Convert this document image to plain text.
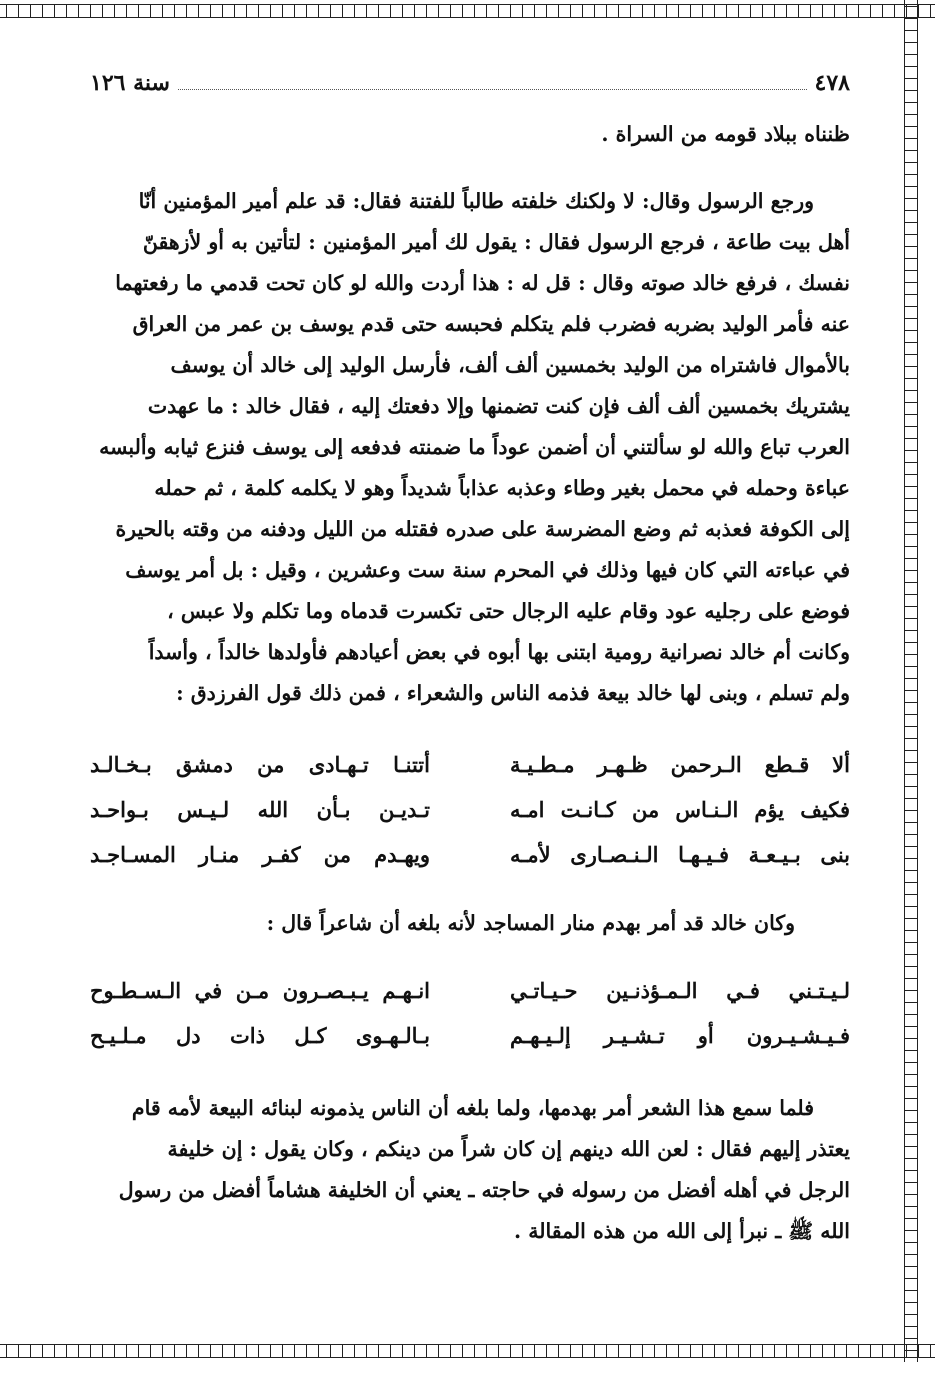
٤٧٨
سنة ١٢٦

ظنناه ببلاد قومه من السراة .

ورجع الرسول وقال: لا ولكنك خلفته طالباً للفتنة فقال: قد علم أمير المؤمنين أنّا

أهل بيت طاعة ، فرجع الرسول فقال : يقول لك أمير المؤمنين : لتأتين به أو لأزهقنّ

نفسك ، فرفع خالد صوته وقال : قل له : هذا أردت والله لو كان تحت قدمي ما رفعتهما

عنه فأمر الوليد بضربه فضرب فلم يتكلم فحبسه حتى قدم يوسف بن عمر من العراق

بالأموال فاشتراه من الوليد بخمسين ألف ألف، فأرسل الوليد إلى خالد أن يوسف

يشتريك بخمسين ألف ألف فإن كنت تضمنها وإلا دفعتك إليه ، فقال خالد : ما عهدت

العرب تباع والله لو سألتني أن أضمن عوداً ما ضمنته فدفعه إلى يوسف فنزع ثيابه وألبسه

عباءة وحمله في محمل بغير وطاء وعذبه عذاباً شديداً وهو لا يكلمه كلمة ، ثم حمله

إلى الكوفة فعذبه ثم وضع المضرسة على صدره فقتله من الليل ودفنه من وقته بالحيرة

في عباءته التي كان فيها وذلك في المحرم سنة ست وعشرين ، وقيل : بل أمر يوسف

فوضع على رجليه عود وقام عليه الرجال حتى تكسرت قدماه وما تكلم ولا عبس ،

وكانت أم خالد نصرانية رومية ابتنى بها أبوه في بعض أعيادهم فأولدها خالداً ، وأسداً

ولم تسلم ، وبنى لها خالد بيعة فذمه الناس والشعراء ، فمن ذلك قول الفرزدق :

ألا قـطع الـرحمن ظـهـر مـطـيـة
أتتنـا تـهـادى من دمشق بـخـالـد
فكيف يؤم الـنـاس من كـانـت امـه
تـديـن بـأن الله لـيـس بـواحـد
بنى بـيـعـة فـيـهـا الـنـصـارى لأمـه
ويهـدم من كفـر منـار المسـاجـد
وكان خالد قد أمر بهدم منار المساجد لأنه بلغه أن شاعراً قال :
لـيـتـني فـي الـمـؤذنـين حـيـاتـي
انـهـم يـبـصـرون مـن في الـسـطـوح
فـيـشـيـرون أو تـشـيـر إلـيـهـم
بـالـهـوى كـل ذات دل مـلـيـح

فلما سمع هذا الشعر أمر بهدمها، ولما بلغه أن الناس يذمونه لبنائه البيعة لأمه قام

يعتذر إليهم فقال : لعن الله دينهم إن كان شراً من دينكم ، وكان يقول : إن خليفة

الرجل في أهله أفضل من رسوله في حاجته ـ يعني أن الخليفة هشاماً أفضل من رسول

الله ﷺ ـ نبرأ إلى الله من هذه المقالة .
